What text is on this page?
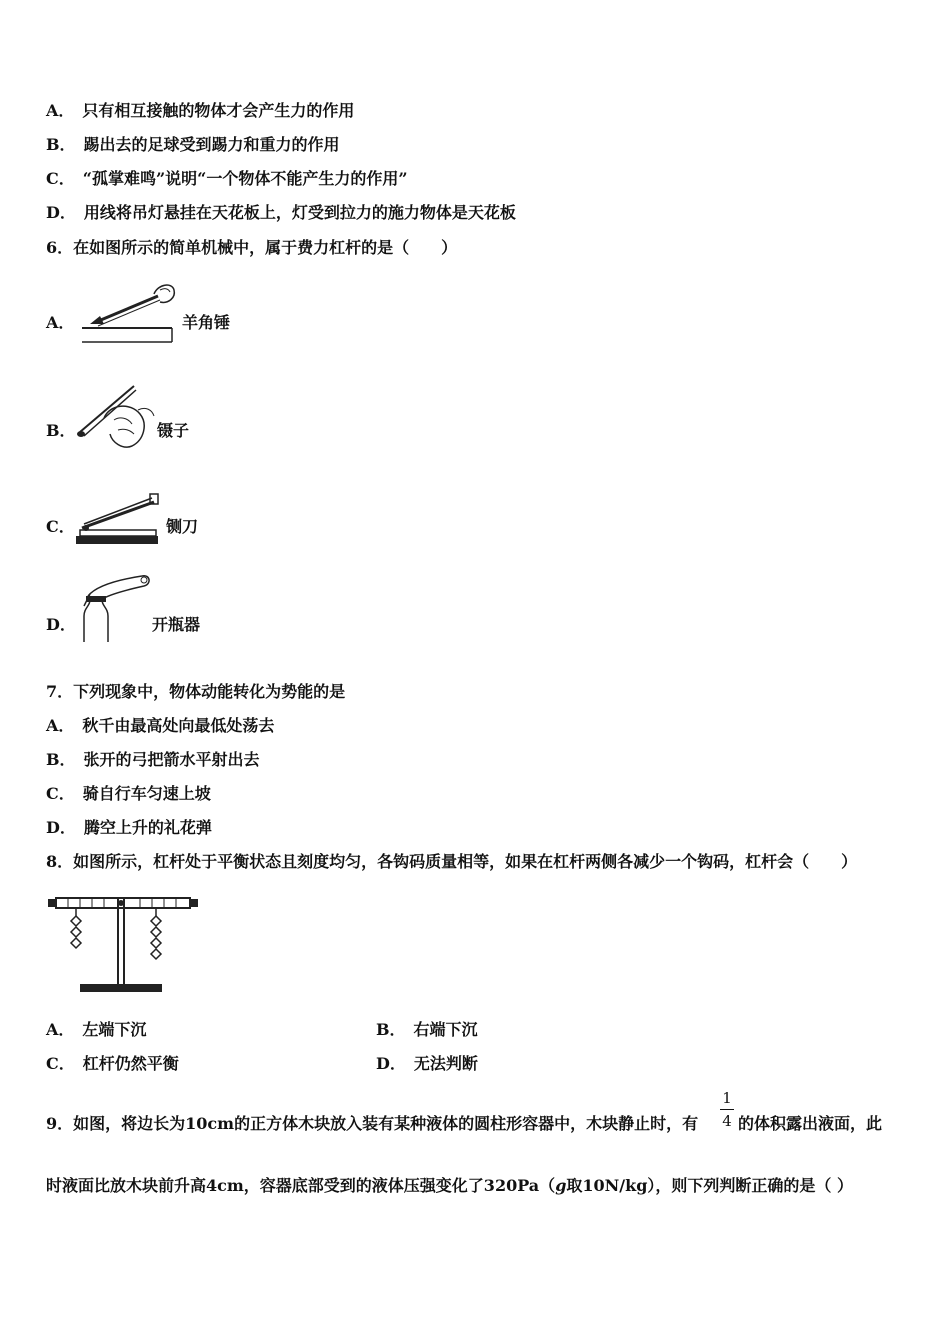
A． 只有相互接触的物体才会产生力的作用
B． 踢出去的足球受到踢力和重力的作用
C． “孤掌难鸣”说明“一个物体不能产生力的作用”
D． 用线将吊灯悬挂在天花板上，灯受到拉力的施力物体是天花板
6．在如图所示的简单机械中，属于费力杠杆的是（　　）
A．	羊角锤
B．	镊子
C．	铡刀
D．	开瓶器
7．下列现象中，物体动能转化为势能的是
A． 秋千由最高处向最低处荡去
B． 张开的弓把箭水平射出去
C． 骑自行车匀速上坡
D． 腾空上升的礼花弹
8．如图所示，杠杆处于平衡状态且刻度均匀，各钩码质量相等，如果在杠杆两侧各减少一个钩码，杠杆会（　　）
A． 左端下沉	B． 右端下沉
C． 杠杆仍然平衡	D． 无法判断
9．如图，将边长为10cm的正方体木块放入装有某种液体的圆柱形容器中，木块静止时，有
1
4 的体积露出液面，此
时液面比放木块前升高4cm，容器底部受到的液体压强变化了320Pa（g取10N/kg），则下列判断正确的是（ ）
